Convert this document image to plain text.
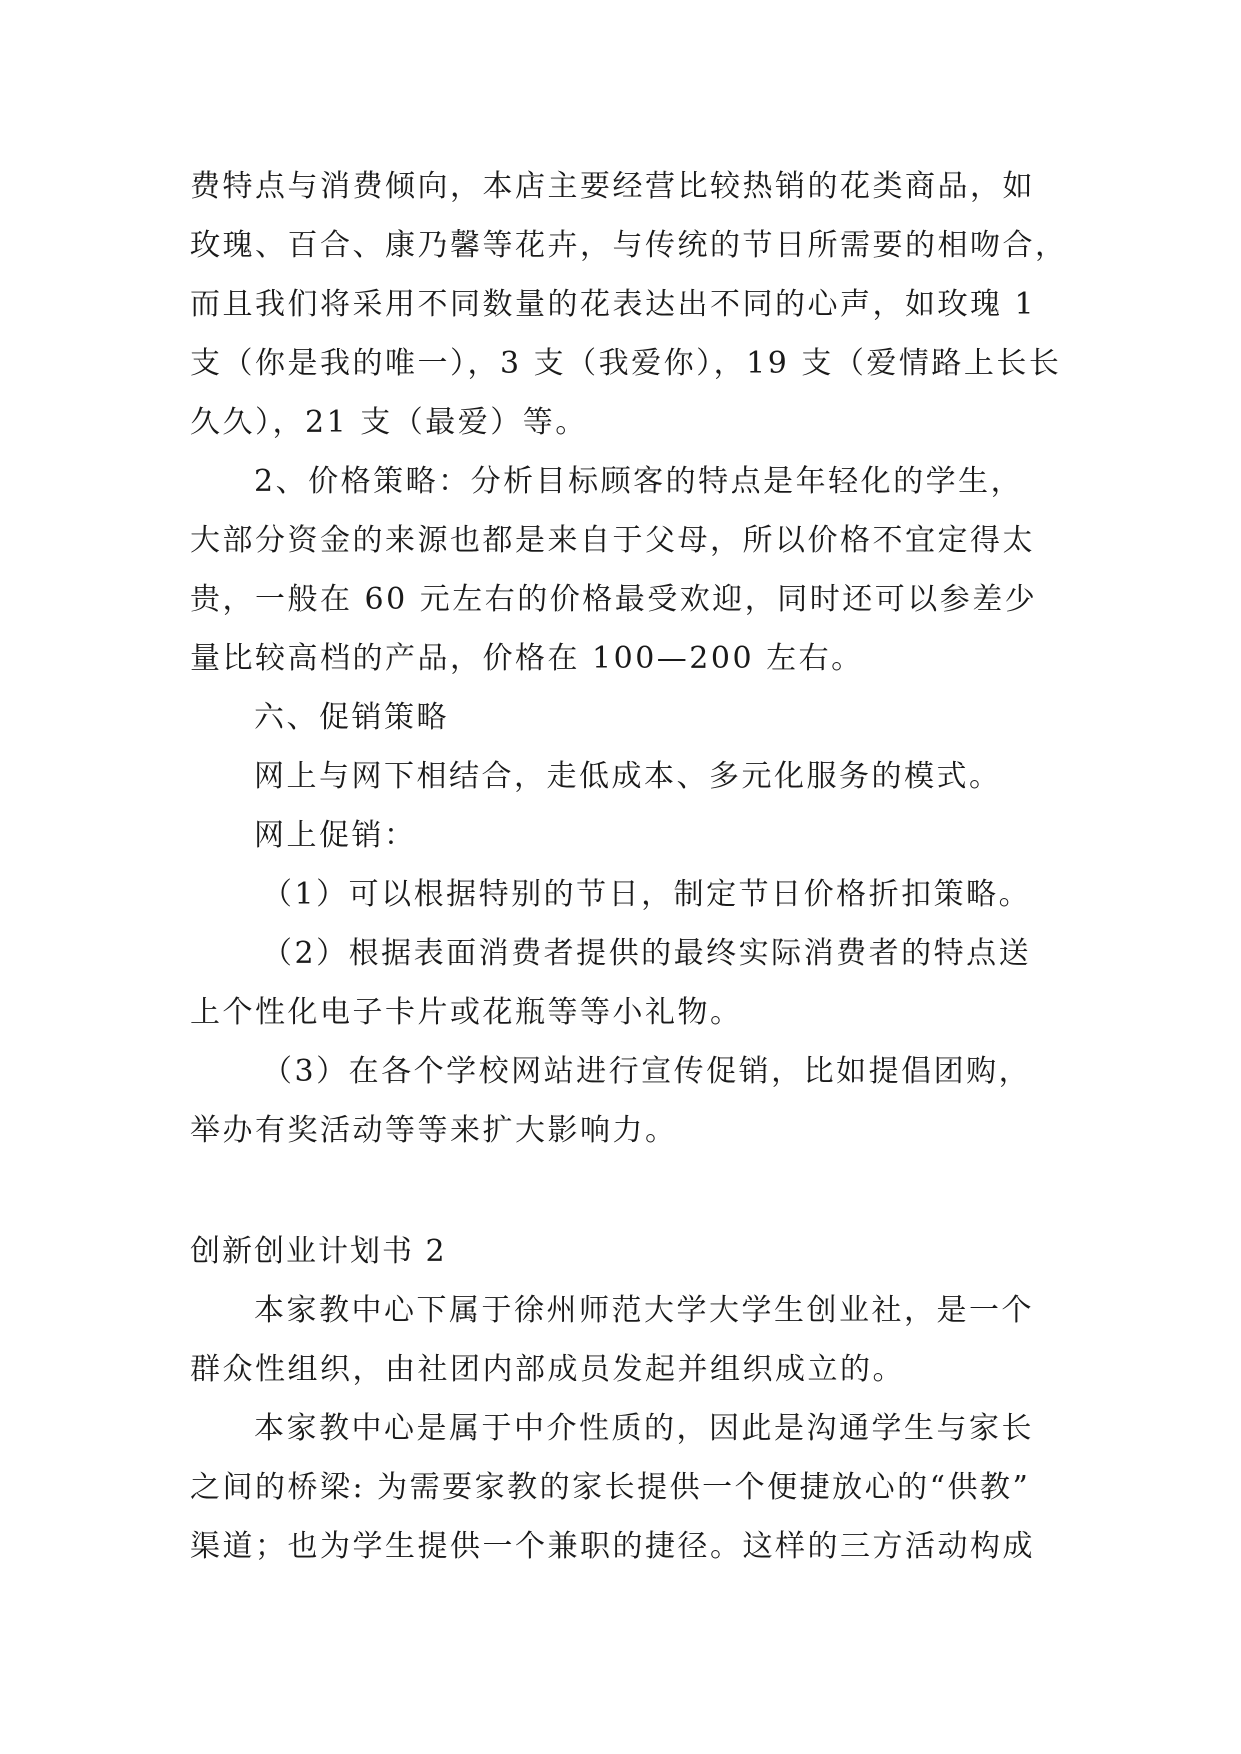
费特点与消费倾向，本店主要经营比较热销的花类商品，如
玫瑰、百合、康乃馨等花卉，与传统的节日所需要的相吻合，
而且我们将采用不同数量的花表达出不同的心声，如玫瑰 1
支（你是我的唯一），3 支（我爱你），19 支（爱情路上长长
久久），21 支（最爱）等。
2、价格策略：分析目标顾客的特点是年轻化的学生，
大部分资金的来源也都是来自于父母，所以价格不宜定得太
贵，一般在 60 元左右的价格最受欢迎，同时还可以参差少
量比较高档的产品，价格在 100—200 左右。
六、促销策略
网上与网下相结合，走低成本、多元化服务的模式。
网上促销：
（1）可以根据特别的节日，制定节日价格折扣策略。
（2）根据表面消费者提供的最终实际消费者的特点送
上个性化电子卡片或花瓶等等小礼物。
（3）在各个学校网站进行宣传促销，比如提倡团购，
举办有奖活动等等来扩大影响力。
创新创业计划书 2
本家教中心下属于徐州师范大学大学生创业社，是一个
群众性组织，由社团内部成员发起并组织成立的。
本家教中心是属于中介性质的，因此是沟通学生与家长
之间的桥梁: 为需要家教的家长提供一个便捷放心的“供教”
渠道；也为学生提供一个兼职的捷径。这样的三方活动构成
